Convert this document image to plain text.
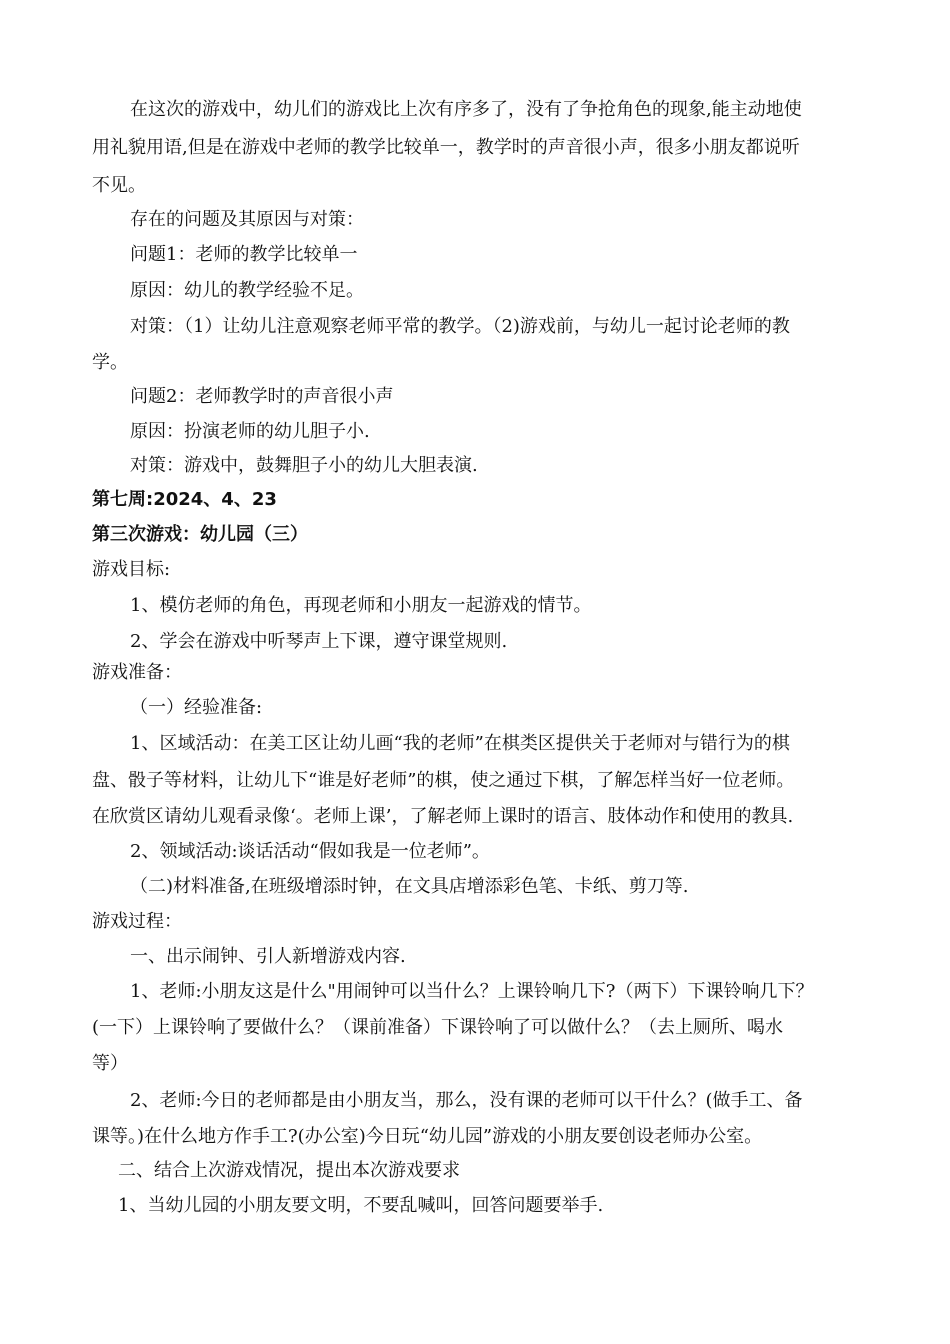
在这次的游戏中，幼儿们的游戏比上次有序多了，没有了争抢角色的现象,能主动地使
用礼貌用语,但是在游戏中老师的教学比较单一，教学时的声音很小声，很多小朋友都说听
不见。
存在的问题及其原因与对策：
问题1：老师的教学比较单一
原因：幼儿的教学经验不足。
对策：（1）让幼儿注意观察老师平常的教学。（2)游戏前，与幼儿一起讨论老师的教
学。
问题2：老师教学时的声音很小声
原因：扮演老师的幼儿胆子小.
对策：游戏中，鼓舞胆子小的幼儿大胆表演.
第七周:2024、4、23
第三次游戏：幼儿园（三）
游戏目标:
1、模仿老师的角色，再现老师和小朋友一起游戏的情节。
2、学会在游戏中听琴声上下课，遵守课堂规则.
游戏准备：
（一）经验准备:
1、区域活动：在美工区让幼儿画“我的老师”在棋类区提供关于老师对与错行为的棋
盘、骰子等材料，让幼儿下“谁是好老师”的棋，使之通过下棋，了解怎样当好一位老师。
在欣赏区请幼儿观看录像‘。老师上课’，了解老师上课时的语言、肢体动作和使用的教具.
2、领域活动:谈话活动“假如我是一位老师”。
（二)材料准备,在班级增添时钟，在文具店增添彩色笔、卡纸、剪刀等.
游戏过程：
一、出示闹钟、引人新增游戏内容.
1、老师:小朋友这是什么"用闹钟可以当什么？上课铃响几下?（两下）下课铃响几下？
(一下）上课铃响了要做什么？（课前准备）下课铃响了可以做什么？（去上厕所、喝水
等）
2、老师:今日的老师都是由小朋友当，那么，没有课的老师可以干什么？(做手工、备
课等。)在什么地方作手工?(办公室)今日玩“幼儿园”游戏的小朋友要创设老师办公室。
二、结合上次游戏情况，提出本次游戏要求
1、当幼儿园的小朋友要文明，不要乱喊叫，回答问题要举手.
